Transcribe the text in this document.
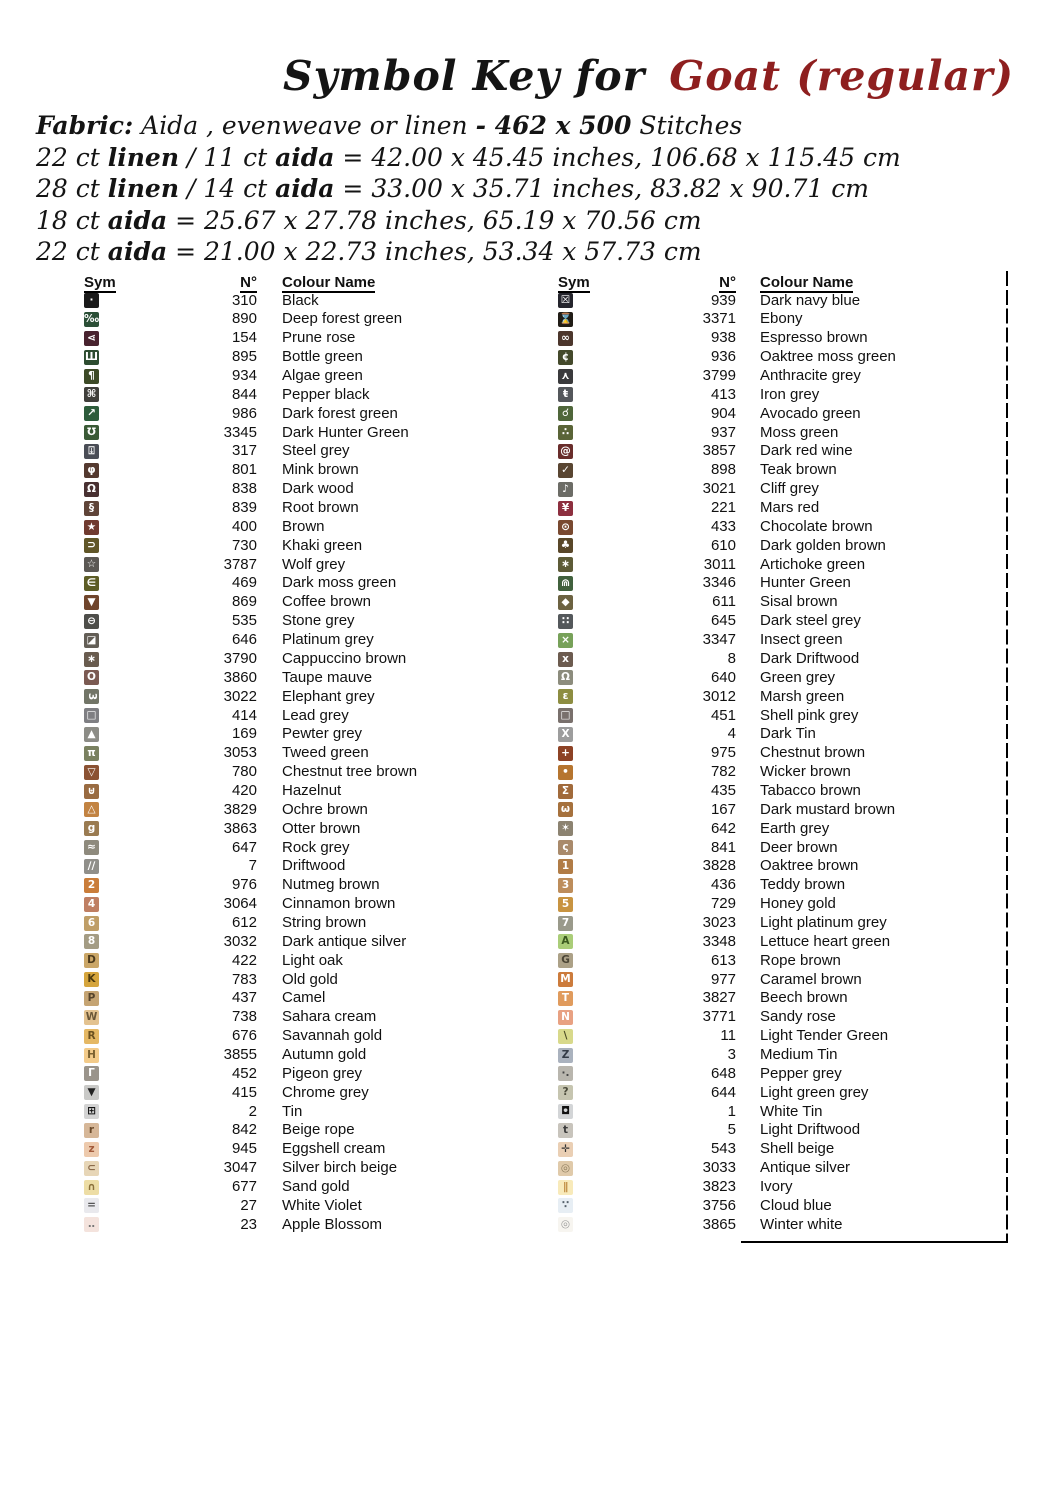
Symbol Key for Goat (regular)
Fabric: Aida , evenweave or linen - 462 x 500 Stitches
22 ct linen / 11 ct aida = 42.00 x 45.45 inches, 106.68 x 115.45 cm
28 ct linen / 14 ct aida = 33.00 x 35.71 inches, 83.82 x 90.71 cm
18 ct aida = 25.67 x 27.78 inches, 65.19 x 70.56 cm
22 ct aida = 21.00 x 22.73 inches, 53.34 x 57.73 cm
Sym	N° Colour Name
·	310 Black
‰	890 Deep forest green
⋖	154 Prune rose
Ш	895 Bottle green
¶	934 Algae green
⌘	844 Pepper black
↗	986 Dark forest green
℧	3345 Dark Hunter Green
⍗	317 Steel grey
φ	801 Mink brown
Ω	838 Dark wood
§	839 Root brown
★	400 Brown
⊃	730 Khaki green
☆	3787 Wolf grey
∈	469 Dark moss green
▼	869 Coffee brown
⊖	535 Stone grey
◪	646 Platinum grey
∗	3790 Cappuccino brown
O	3860 Taupe mauve
3	3022 Elephant grey
□	414 Lead grey
▲	169 Pewter grey
π	3053 Tweed green
▽	780 Chestnut tree brown
⊎	420 Hazelnut
△	3829 Ochre brown
g	3863 Otter brown
≈	647 Rock grey
∕∕	7 Driftwood
2	976 Nutmeg brown
4	3064 Cinnamon brown
6	612 String brown
8	3032 Dark antique silver
D	422 Light oak
K	783 Old gold
P	437 Camel
W	738 Sahara cream
R	676 Savannah gold
H	3855 Autumn gold
Γ	452 Pigeon grey
▼	415 Chrome grey
⊞	2 Tin
r	842 Beige rope
z	945 Eggshell cream
⊂	3047 Silver birch beige
∩	677 Sand gold
=	27 White Violet
‥	23 Apple Blossom
Sym	N° Colour Name
☒	939 Dark navy blue
⌛	3371 Ebony
∞	938 Espresso brown
¢	936 Oaktree moss green
⋏	3799 Anthracite grey
ŧ	413 Iron grey
☌	904 Avocado green
∴	937 Moss green
@	3857 Dark red wine
✓	898 Teak brown
♪	3021 Cliff grey
¥	221 Mars red
⊙	433 Chocolate brown
♣	610 Dark golden brown
∗	3011 Artichoke green
⋒	3346 Hunter Green
◆	611 Sisal brown
∷	645 Dark steel grey
×	3347 Insect green
x	8 Dark Driftwood
Ω	640 Green grey
ε	3012 Marsh green
□	451 Shell pink grey
X	4 Dark Tin
+	975 Chestnut brown
•	782 Wicker brown
Σ	435 Tabacco brown
ω	167 Dark mustard brown
✶	642 Earth grey
ς	841 Deer brown
1	3828 Oaktree brown
3	436 Teddy brown
5	729 Honey gold
7	3023 Light platinum grey
A	3348 Lettuce heart green
G	613 Rope brown
M	977 Caramel brown
T	3827 Beech brown
N	3771 Sandy rose
∖	11 Light Tender Green
Z	3 Medium Tin
·.	648 Pepper grey
?	644 Light green grey
◘	1 White Tin
t	5 Light Driftwood
✛	543 Shell beige
◎	3033 Antique silver
∥	3823 Ivory
∵	3756 Cloud blue
◎	3865 Winter white
